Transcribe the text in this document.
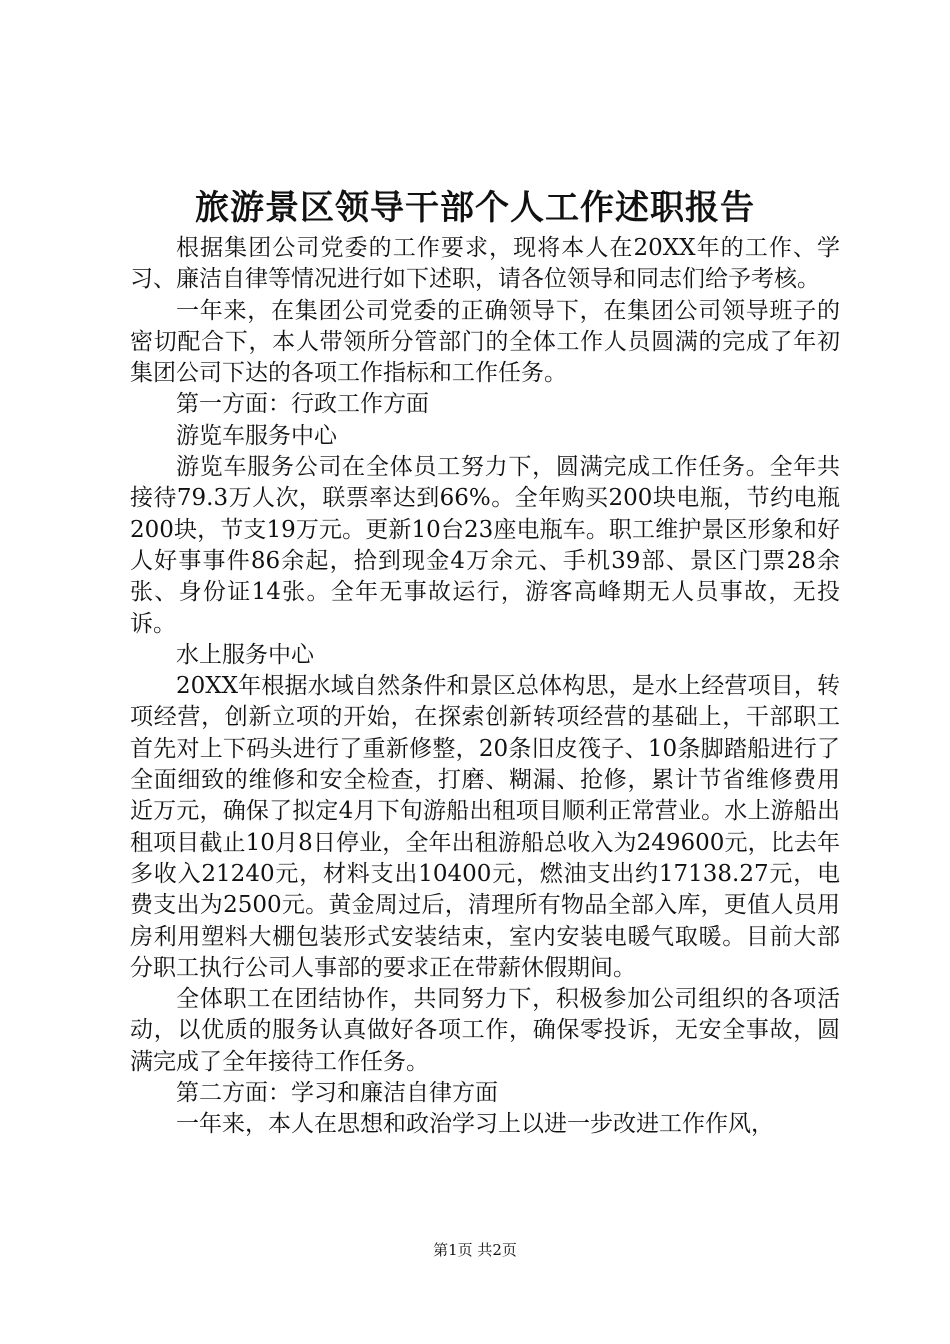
旅游景区领导干部个人工作述职报告

根据集团公司党委的工作要求，现将本人在20XX年的工作、学习、廉洁自律等情况进行如下述职，请各位领导和同志们给予考核。

一年来，在集团公司党委的正确领导下，在集团公司领导班子的密切配合下，本人带领所分管部门的全体工作人员圆满的完成了年初集团公司下达的各项工作指标和工作任务。

第一方面：行政工作方面

游览车服务中心

游览车服务公司在全体员工努力下，圆满完成工作任务。全年共接待79.3万人次，联票率达到66%。全年购买200块电瓶，节约电瓶200块，节支19万元。更新10台23座电瓶车。职工维护景区形象和好人好事事件86余起，拾到现金4万余元、手机39部、景区门票28余张、身份证14张。全年无事故运行，游客高峰期无人员事故，无投诉。

水上服务中心

20XX年根据水域自然条件和景区总体构思，是水上经营项目，转项经营，创新立项的开始，在探索创新转项经营的基础上，干部职工首先对上下码头进行了重新修整，20条旧皮筏子、10条脚踏船进行了全面细致的维修和安全检查，打磨、糊漏、抢修，累计节省维修费用近万元，确保了拟定4月下旬游船出租项目顺利正常营业。水上游船出租项目截止10月8日停业，全年出租游船总收入为249600元，比去年多收入21240元，材料支出10400元，燃油支出约17138.27元，电费支出为2500元。黄金周过后，清理所有物品全部入库，更值人员用房利用塑料大棚包装形式安装结束，室内安装电暖气取暖。目前大部分职工执行公司人事部的要求正在带薪休假期间。

全体职工在团结协作，共同努力下，积极参加公司组织的各项活动，以优质的服务认真做好各项工作，确保零投诉，无安全事故，圆满完成了全年接待工作任务。

第二方面：学习和廉洁自律方面

一年来，本人在思想和政治学习上以进一步改进工作作风，

第1页 共2页
